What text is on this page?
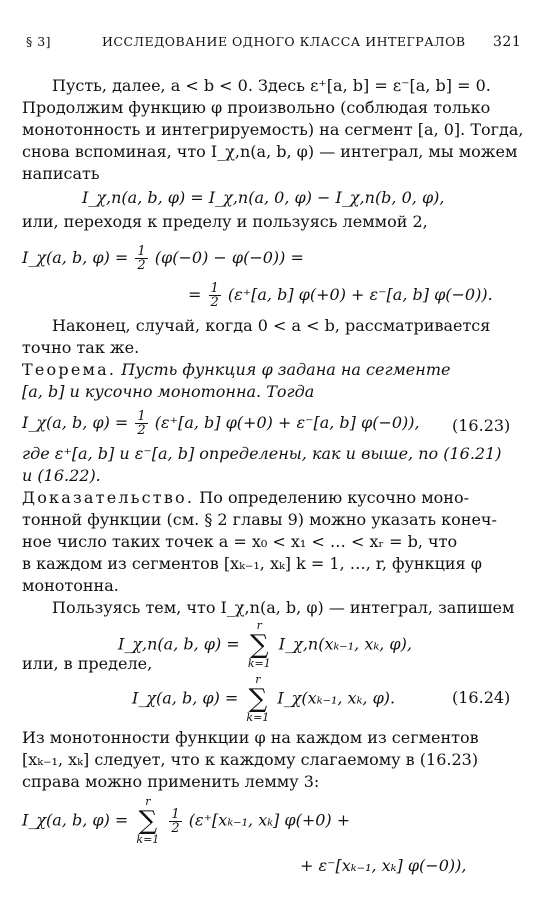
§ 3]	ИССЛЕДОВАНИЕ ОДНОГО КЛАССА ИНТЕГРАЛОВ 321
Пусть, далее, a < b < 0. Здесь ε⁺[a, b] = ε⁻[a, b] = 0.
Продолжим функцию φ произвольно (соблюдая только
монотонность и интегрируемость) на сегмент [a, 0]. Тогда,
снова вспоминая, что I_χ,n(a, b, φ) — интеграл, мы можем
написать
I_χ,n(a, b, φ) = I_χ,n(a, 0, φ) − I_χ,n(b, 0, φ),
или, переходя к пределу и пользуясь леммой 2,
I_χ(a, b, $\varphi) = \frac{1}{2} (\varphi(-0) - \varphi(-0))$ =
= $\frac{1}{2} (\varepsilon^+[a$, b] φ(+0) + ε⁻[a, b] φ(−0)).
Наконец, случай, когда 0 < a < b, рассматривается
точно так же.
Теорема. Пусть функция φ задана на сегменте
[a, b] и кусочно монотонна. Тогда
I_χ(a, b, $\varphi) = \frac{1}{2} (\varepsilon^+[a$, b] φ(+0) + ε⁻[a, b] φ(−0)),	(16.23)
где ε⁺[a, b] и ε⁻[a, b] определены, как и выше, по (16.21)
и (16.22).
Доказательство. По определению кусочно моно-
тонной функции (см. § 2 главы 9) можно указать конеч-
ное число таких точек a = x₀ < x₁ < … < xᵣ = b, что
в каждом из сегментов [xₖ₋₁, xₖ] k = 1, …, r, функция φ
монотонна.
Пользуясь тем, что I_χ,n(a, b, φ) — интеграл, запишем
I_χ,n(a, b, φ) =
r
∑
k=1
I_χ,n(xₖ₋₁, xₖ, φ),
или, в пределе,
I_χ(a, b, φ) =
r
∑
k=1
I_χ(xₖ₋₁, xₖ, φ).	(16.24)
Из монотонности функции φ на каждом из сегментов
[xₖ₋₁, xₖ] следует, что к каждому слагаемому в (16.23)
справа можно применить лемму 3:
I_χ(a, b, φ) =
r
∑
k=1

$\frac{1}{2} (\varepsilon^+[x_{k-1}$, xₖ] φ(+0) +
+ ε⁻[xₖ₋₁, xₖ] φ(−0)),
